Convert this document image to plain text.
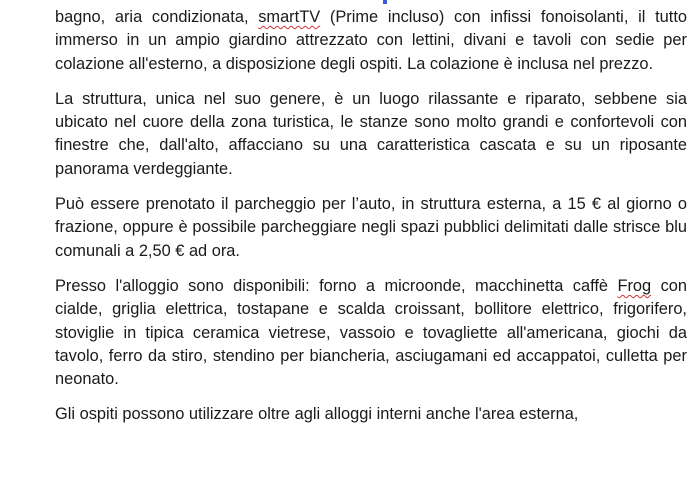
bagno, aria condizionata, smartTV (Prime incluso) con infissi fonoisolanti, il tutto immerso in un ampio giardino attrezzato con lettini, divani e tavoli con sedie per colazione all'esterno, a disposizione degli ospiti. La colazione è inclusa nel prezzo.

La struttura, unica nel suo genere, è un luogo rilassante e riparato, sebbene sia ubicato nel cuore della zona turistica, le stanze sono molto grandi e confortevoli con finestre che, dall'alto, affacciano su una caratteristica cascata e su un riposante panorama verdeggiante.

Può essere prenotato il parcheggio per l’auto, in struttura esterna, a 15 € al giorno o frazione, oppure è possibile parcheggiare negli spazi pubblici delimitati dalle strisce blu comunali a 2,50 € ad ora.

Presso l'alloggio sono disponibili: forno a microonde, macchinetta caffè Frog con cialde, griglia elettrica, tostapane e scalda croissant, bollitore elettrico, frigorifero, stoviglie in tipica ceramica vietrese, vassoio e tovagliette all'americana, giochi da tavolo, ferro da stiro, stendino per biancheria, asciugamani ed accappatoi, culletta per neonato.

Gli ospiti possono utilizzare oltre agli alloggi interni anche l'area esterna,
